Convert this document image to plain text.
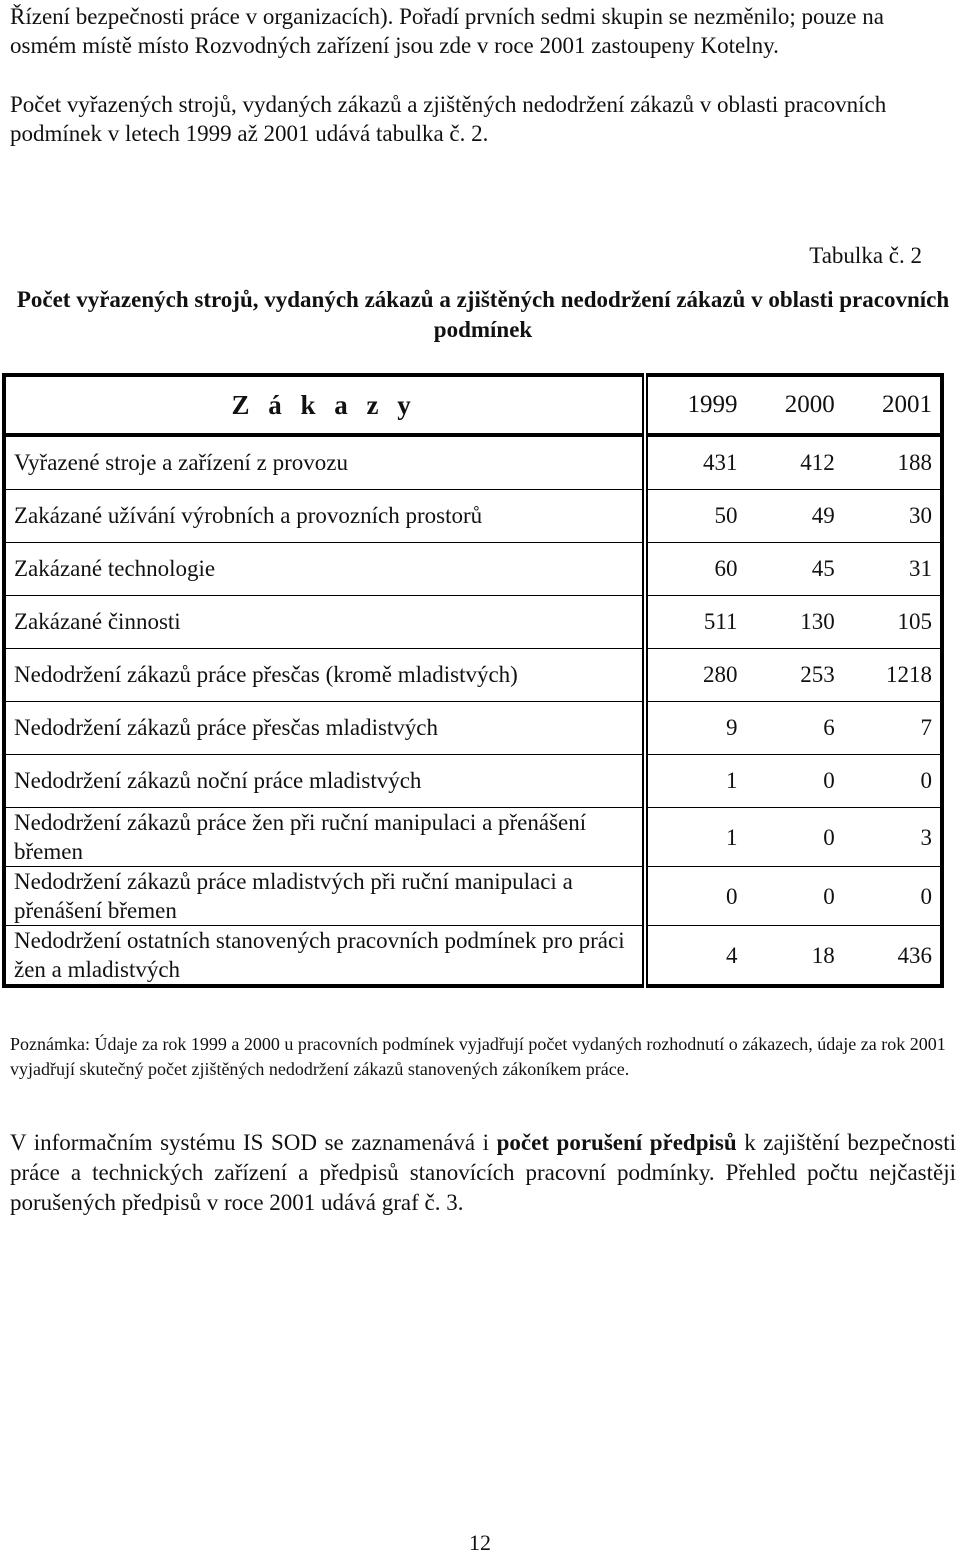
Řízení bezpečnosti práce v organizacích). Pořadí prvních sedmi skupin se nezměnilo; pouze na osmém místě místo Rozvodných zařízení jsou zde v roce 2001 zastoupeny Kotelny.

Počet vyřazených strojů, vydaných zákazů a zjištěných nedodržení zákazů v oblasti pracovních podmínek v letech 1999 až 2001 udává tabulka č. 2.

Tabulka č. 2

Počet vyřazených strojů, vydaných zákazů a zjištěných nedodržení zákazů v oblasti pracovních podmínek

Z á k a z y	1999	2000	2001
Vyřazené stroje a zařízení z provozu	431	412	188
Zakázané užívání výrobních a provozních prostorů	50	49	30
Zakázané technologie	60	45	31
Zakázané činnosti	511	130	105
Nedodržení zákazů práce přesčas (kromě mladistvých)	280	253	1218
Nedodržení zákazů práce přesčas mladistvých	9	6	7
Nedodržení zákazů noční práce mladistvých	1	0	0
Nedodržení zákazů práce žen při ruční manipulaci a přenášení břemen	1	0	3
Nedodržení zákazů práce mladistvých při ruční manipulaci a přenášení břemen	0	0	0
Nedodržení ostatních stanovených pracovních podmínek pro práci žen a mladistvých	4	18	436

Poznámka: Údaje za rok 1999 a 2000 u pracovních podmínek vyjadřují počet vydaných rozhodnutí o zákazech, údaje za rok 2001 vyjadřují skutečný počet zjištěných nedodržení zákazů stanovených zákoníkem práce.

V informačním systému IS SOD se zaznamenává i počet porušení předpisů k zajištění bezpečnosti práce a technických zařízení a předpisů stanovících pracovní podmínky. Přehled počtu nejčastěji porušených předpisů v roce 2001 udává graf č. 3.

12
